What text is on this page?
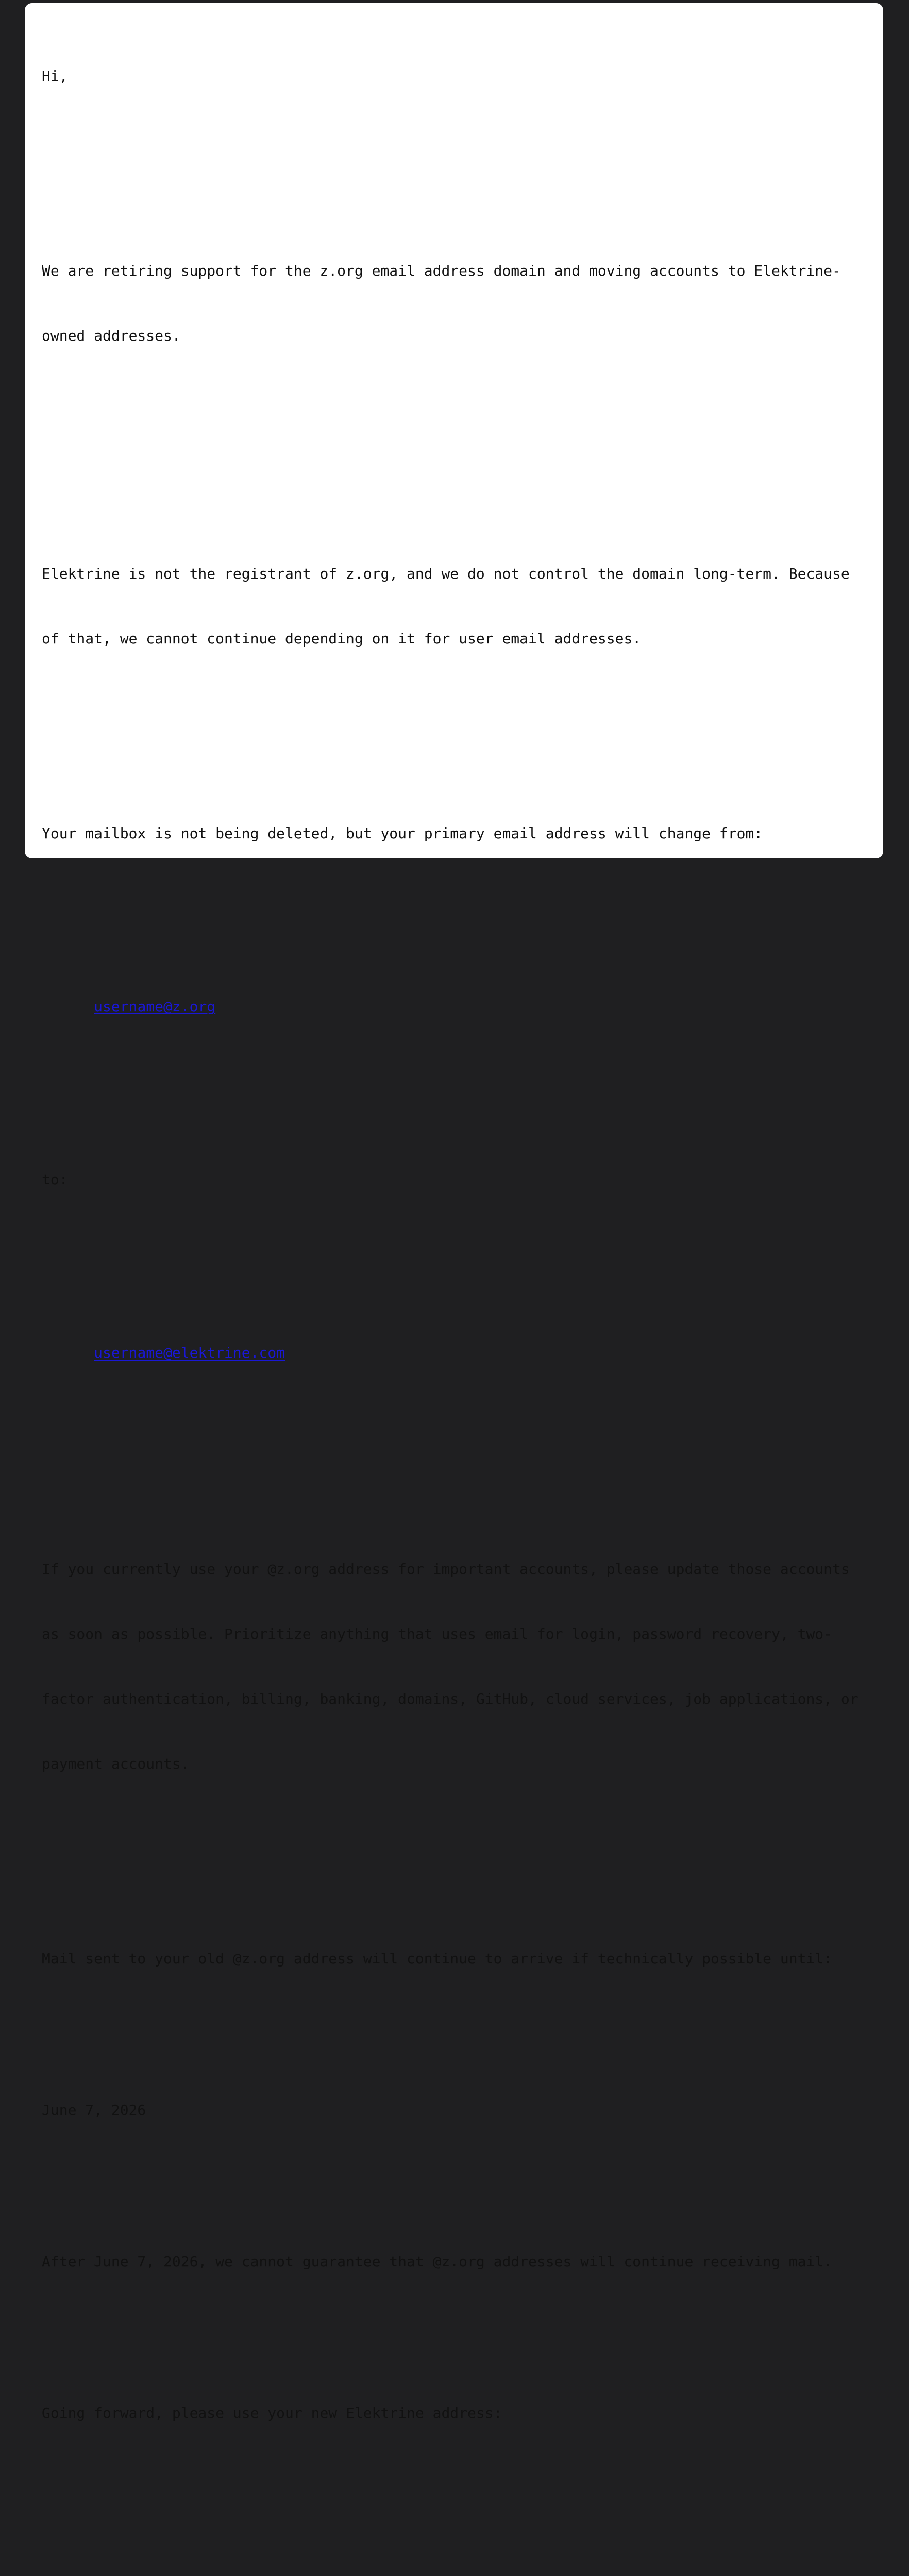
Hi,

We are retiring support for the z.org email address domain and moving accounts to Elektrine-

owned addresses.

Elektrine is not the registrant of z.org, and we do not control the domain long-term. Because

of that, we cannot continue depending on it for user email addresses.

Your mailbox is not being deleted, but your primary email address will change from:

username@z.org

to:

username@elektrine.com

If you currently use your @z.org address for important accounts, please update those accounts

as soon as possible. Prioritize anything that uses email for login, password recovery, two-

factor authentication, billing, banking, domains, GitHub, cloud services, job applications, or

payment accounts.

Mail sent to your old @z.org address will continue to arrive if technically possible until:

June 7, 2026

After June 7, 2026, we cannot guarantee that @z.org addresses will continue receiving mail.

Going forward, please use your new Elektrine address:
